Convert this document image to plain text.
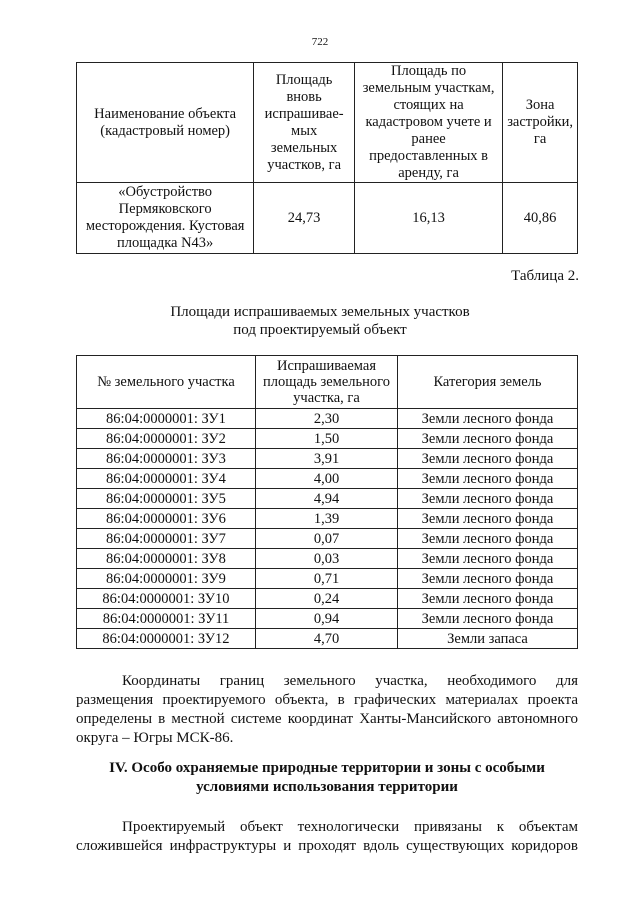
722
Наименование объекта (кадастровый номер)	Площадь вновь испрашивае-мых земельных участков, га	Площадь по земельным участкам, стоящих на кадастровом учете и ранее предоставленных в аренду, га	Зона застройки, га
«Обустройство Пермяковского месторождения. Кустовая площадка N43»	24,73	16,13	40,86
Таблица 2.
Площади испрашиваемых земельных участков
под проектируемый объект
№ земельного участка	Испрашиваемая площадь земельного участка, га	Категория земель
86:04:0000001: ЗУ1	2,30	Земли лесного фонда
86:04:0000001: ЗУ2	1,50	Земли лесного фонда
86:04:0000001: ЗУ3	3,91	Земли лесного фонда
86:04:0000001: ЗУ4	4,00	Земли лесного фонда
86:04:0000001: ЗУ5	4,94	Земли лесного фонда
86:04:0000001: ЗУ6	1,39	Земли лесного фонда
86:04:0000001: ЗУ7	0,07	Земли лесного фонда
86:04:0000001: ЗУ8	0,03	Земли лесного фонда
86:04:0000001: ЗУ9	0,71	Земли лесного фонда
86:04:0000001: ЗУ10	0,24	Земли лесного фонда
86:04:0000001: ЗУ11	0,94	Земли лесного фонда
86:04:0000001: ЗУ12	4,70	Земли запаса
Координаты границ земельного участка, необходимого для
размещения проектируемого объекта, в графических материалах проекта
определены в местной системе координат Ханты-Мансийского автономного
округа – Югры МСК-86.
IV. Особо охраняемые природные территории и зоны с особыми
условиями использования территории
Проектируемый объект технологически привязаны к объектам
сложившейся инфраструктуры и проходят вдоль существующих коридоров
